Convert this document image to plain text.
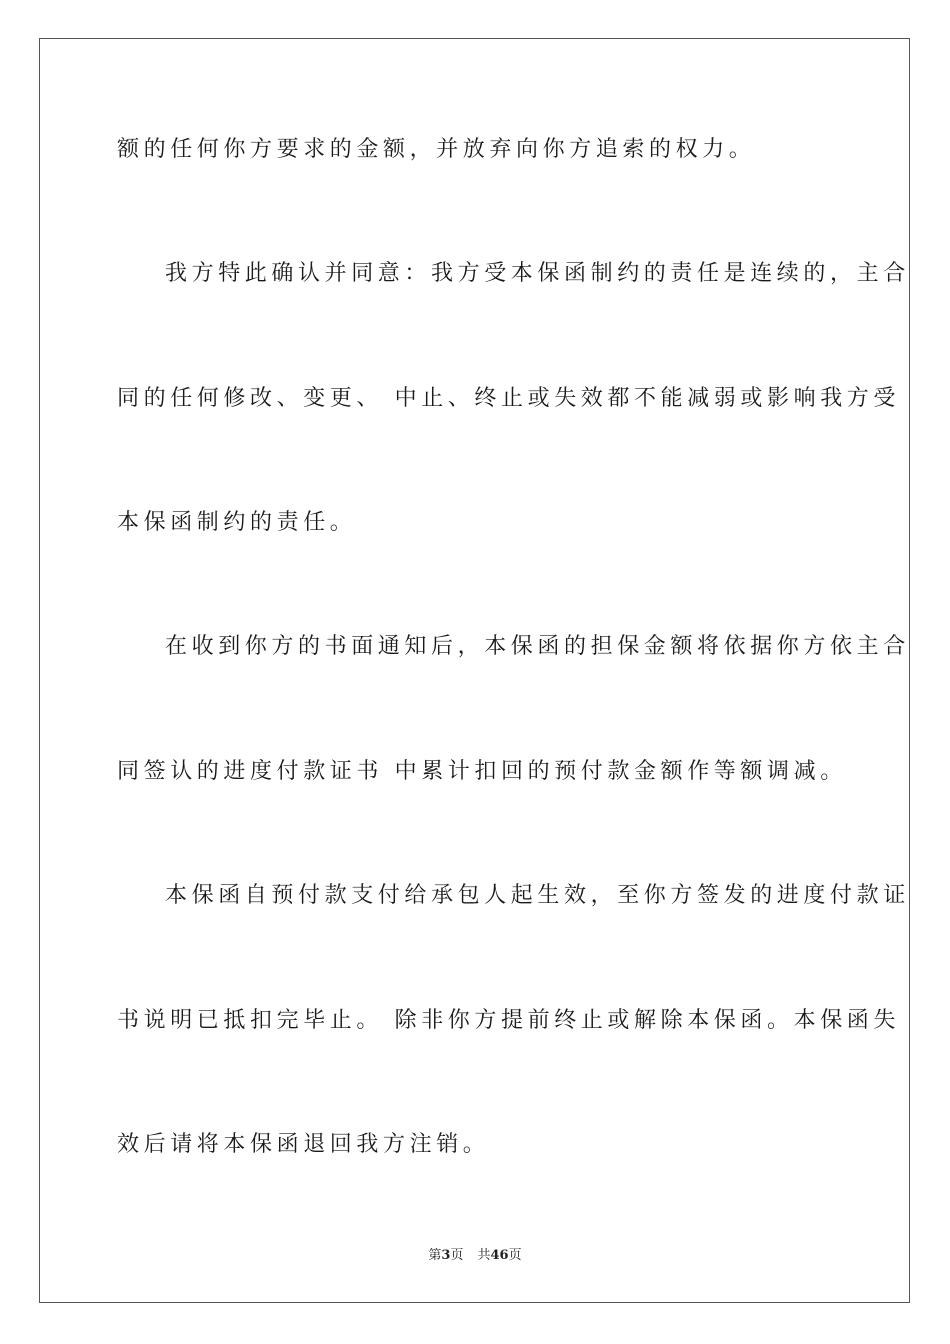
额的任何你方要求的金额，并放弃向你方追索的权力。
我方特此确认并同意：我方受本保函制约的责任是连续的，主合
同的任何修改、变更、 中止、终止或失效都不能减弱或影响我方受
本保函制约的责任。
在收到你方的书面通知后，本保函的担保金额将依据你方依主合
同签认的进度付款证书 中累计扣回的预付款金额作等额调减。
本保函自预付款支付给承包人起生效，至你方签发的进度付款证
书说明已抵扣完毕止。 除非你方提前终止或解除本保函。本保函失
效后请将本保函退回我方注销。
第3页 共46页
